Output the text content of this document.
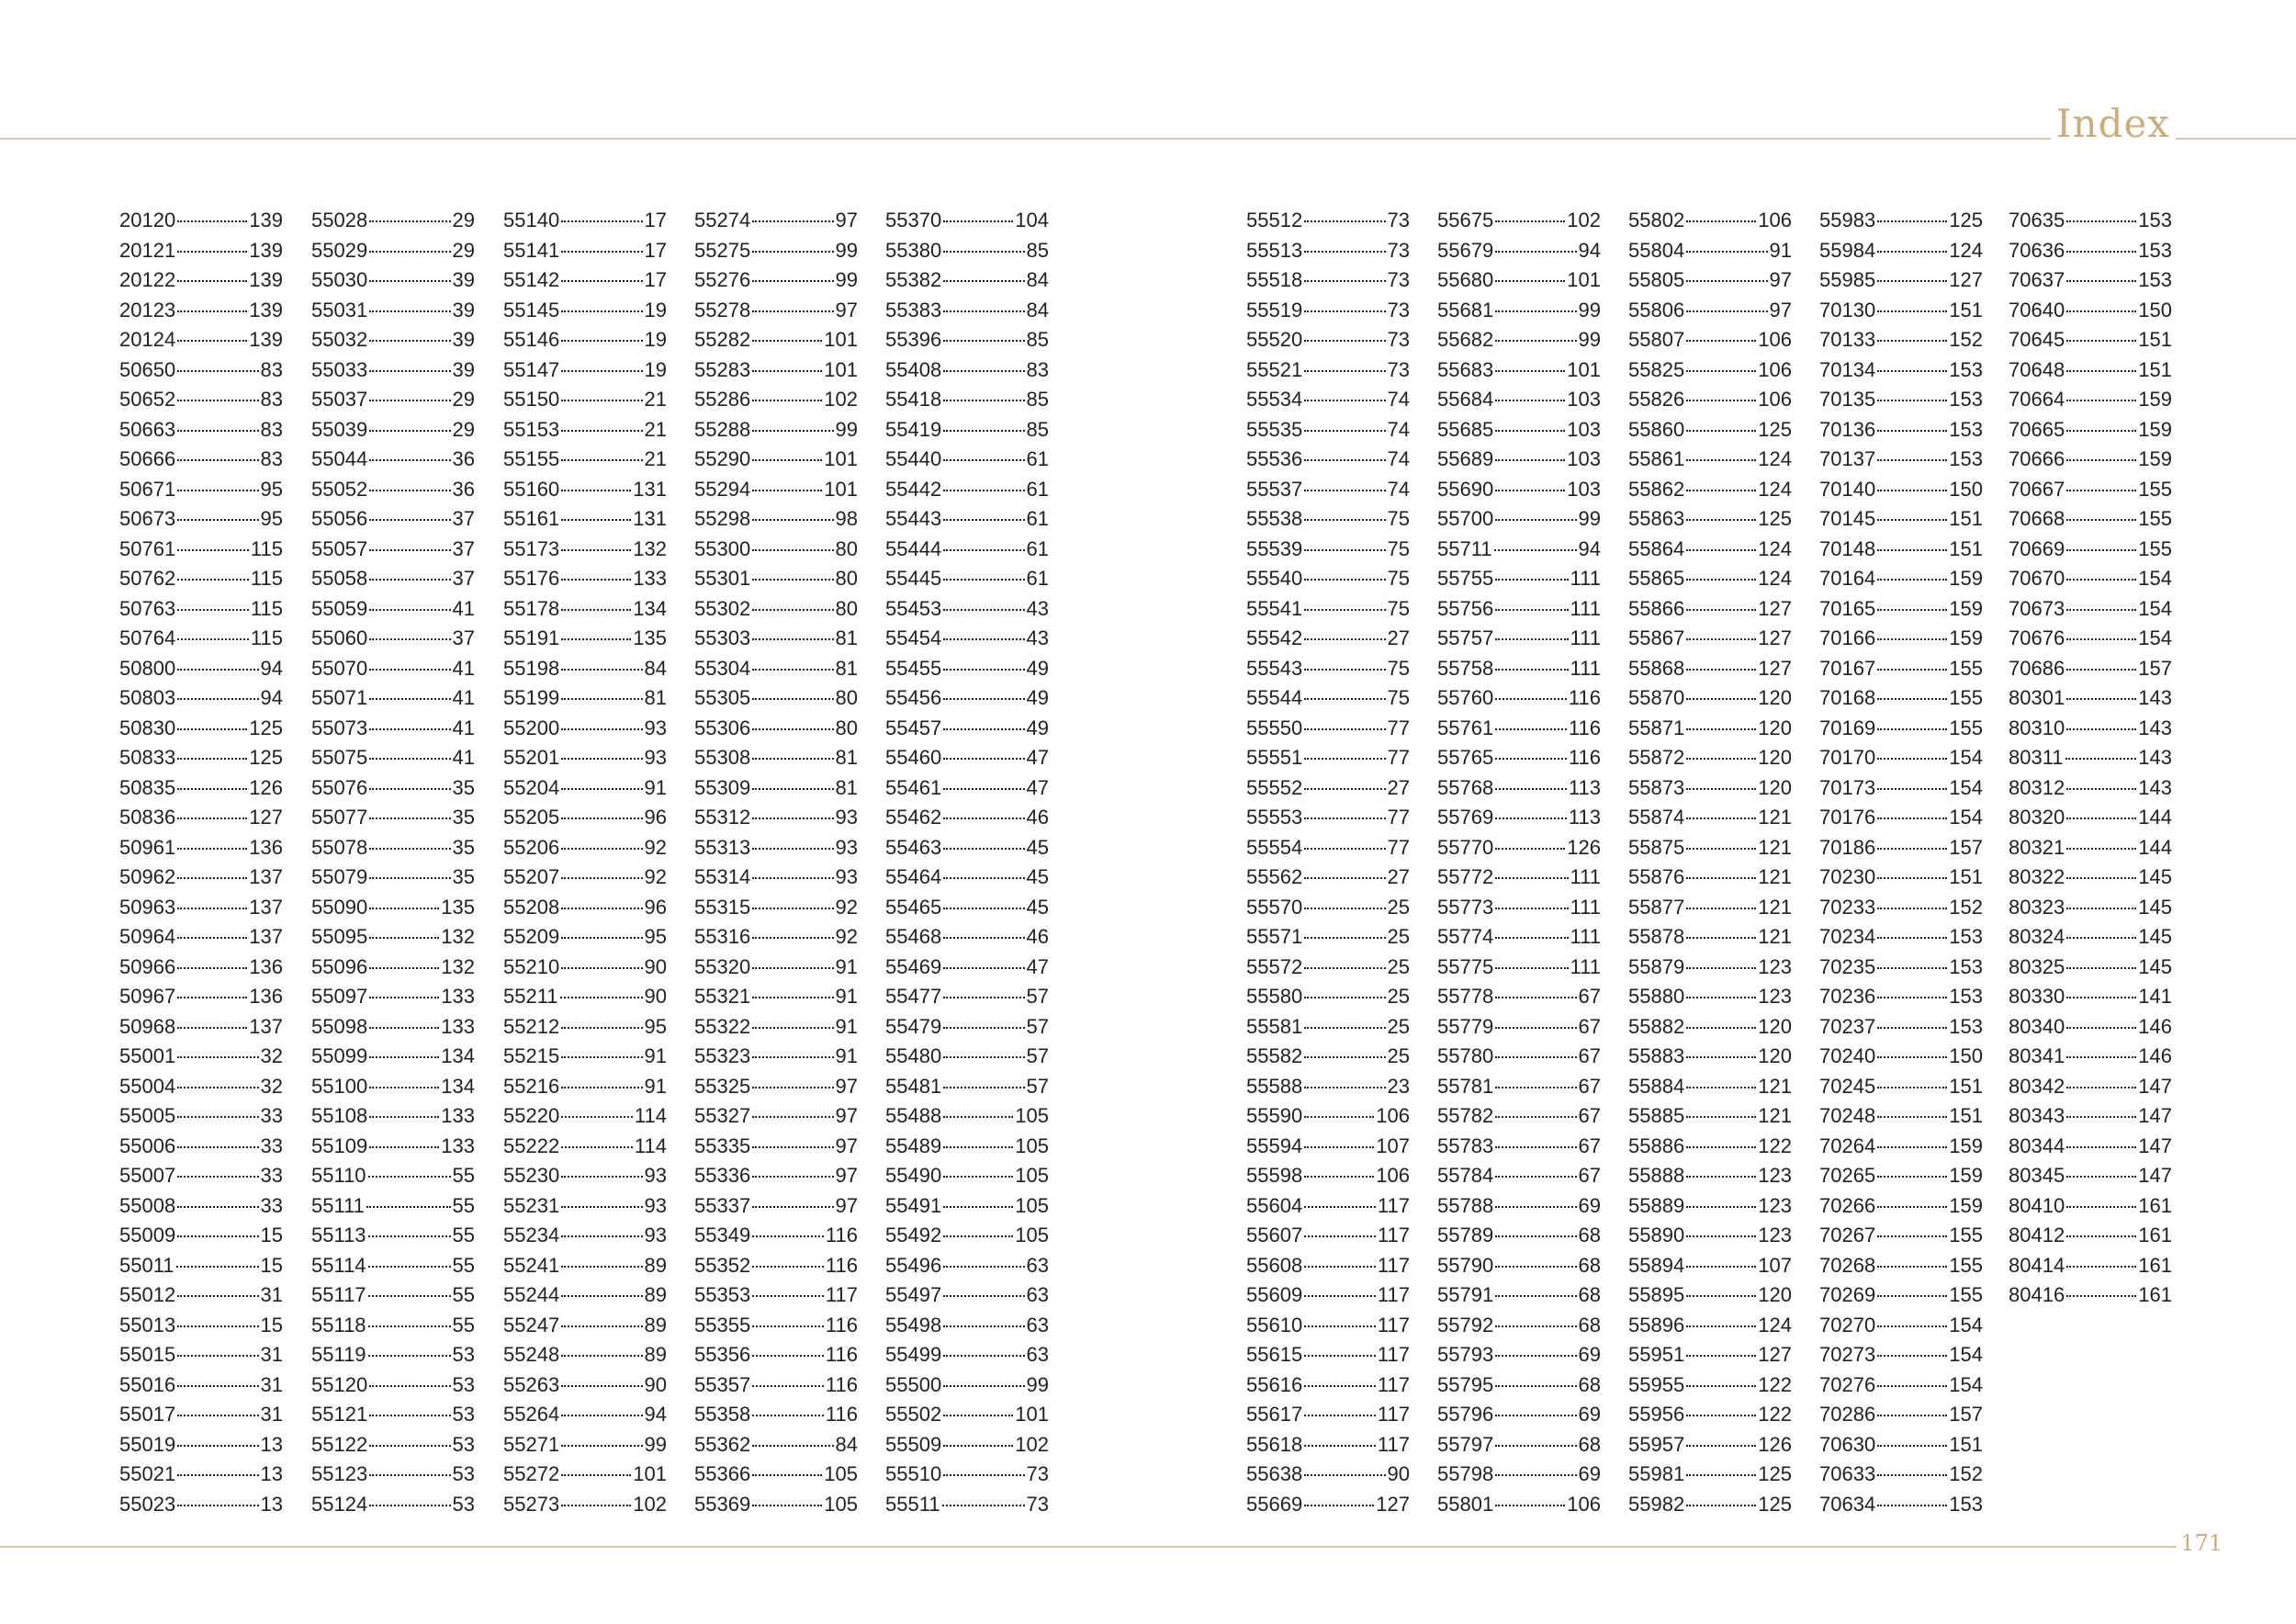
Index
20120	139
20121	139
20122	139
20123	139
20124	139
50650	83
50652	83
50663	83
50666	83
50671	95
50673	95
50761	115
50762	115
50763	115
50764	115
50800	94
50803	94
50830	125
50833	125
50835	126
50836	127
50961	136
50962	137
50963	137
50964	137
50966	136
50967	136
50968	137
55001	32
55004	32
55005	33
55006	33
55007	33
55008	33
55009	15
55011	15
55012	31
55013	15
55015	31
55016	31
55017	31
55019	13
55021	13
55023	13
55028	29
55029	29
55030	39
55031	39
55032	39
55033	39
55037	29
55039	29
55044	36
55052	36
55056	37
55057	37
55058	37
55059	41
55060	37
55070	41
55071	41
55073	41
55075	41
55076	35
55077	35
55078	35
55079	35
55090	135
55095	132
55096	132
55097	133
55098	133
55099	134
55100	134
55108	133
55109	133
55110	55
55111	55
55113	55
55114	55
55117	55
55118	55
55119	53
55120	53
55121	53
55122	53
55123	53
55124	53
55140	17
55141	17
55142	17
55145	19
55146	19
55147	19
55150	21
55153	21
55155	21
55160	131
55161	131
55173	132
55176	133
55178	134
55191	135
55198	84
55199	81
55200	93
55201	93
55204	91
55205	96
55206	92
55207	92
55208	96
55209	95
55210	90
55211	90
55212	95
55215	91
55216	91
55220	114
55222	114
55230	93
55231	93
55234	93
55241	89
55244	89
55247	89
55248	89
55263	90
55264	94
55271	99
55272	101
55273	102
55274	97
55275	99
55276	99
55278	97
55282	101
55283	101
55286	102
55288	99
55290	101
55294	101
55298	98
55300	80
55301	80
55302	80
55303	81
55304	81
55305	80
55306	80
55308	81
55309	81
55312	93
55313	93
55314	93
55315	92
55316	92
55320	91
55321	91
55322	91
55323	91
55325	97
55327	97
55335	97
55336	97
55337	97
55349	116
55352	116
55353	117
55355	116
55356	116
55357	116
55358	116
55362	84
55366	105
55369	105
55370	104
55380	85
55382	84
55383	84
55396	85
55408	83
55418	85
55419	85
55440	61
55442	61
55443	61
55444	61
55445	61
55453	43
55454	43
55455	49
55456	49
55457	49
55460	47
55461	47
55462	46
55463	45
55464	45
55465	45
55468	46
55469	47
55477	57
55479	57
55480	57
55481	57
55488	105
55489	105
55490	105
55491	105
55492	105
55496	63
55497	63
55498	63
55499	63
55500	99
55502	101
55509	102
55510	73
55511	73
55512	73
55513	73
55518	73
55519	73
55520	73
55521	73
55534	74
55535	74
55536	74
55537	74
55538	75
55539	75
55540	75
55541	75
55542	27
55543	75
55544	75
55550	77
55551	77
55552	27
55553	77
55554	77
55562	27
55570	25
55571	25
55572	25
55580	25
55581	25
55582	25
55588	23
55590	106
55594	107
55598	106
55604	117
55607	117
55608	117
55609	117
55610	117
55615	117
55616	117
55617	117
55618	117
55638	90
55669	127
55675	102
55679	94
55680	101
55681	99
55682	99
55683	101
55684	103
55685	103
55689	103
55690	103
55700	99
55711	94
55755	111
55756	111
55757	111
55758	111
55760	116
55761	116
55765	116
55768	113
55769	113
55770	126
55772	111
55773	111
55774	111
55775	111
55778	67
55779	67
55780	67
55781	67
55782	67
55783	67
55784	67
55788	69
55789	68
55790	68
55791	68
55792	68
55793	69
55795	68
55796	69
55797	68
55798	69
55801	106
55802	106
55804	91
55805	97
55806	97
55807	106
55825	106
55826	106
55860	125
55861	124
55862	124
55863	125
55864	124
55865	124
55866	127
55867	127
55868	127
55870	120
55871	120
55872	120
55873	120
55874	121
55875	121
55876	121
55877	121
55878	121
55879	123
55880	123
55882	120
55883	120
55884	121
55885	121
55886	122
55888	123
55889	123
55890	123
55894	107
55895	120
55896	124
55951	127
55955	122
55956	122
55957	126
55981	125
55982	125
55983	125
55984	124
55985	127
70130	151
70133	152
70134	153
70135	153
70136	153
70137	153
70140	150
70145	151
70148	151
70164	159
70165	159
70166	159
70167	155
70168	155
70169	155
70170	154
70173	154
70176	154
70186	157
70230	151
70233	152
70234	153
70235	153
70236	153
70237	153
70240	150
70245	151
70248	151
70264	159
70265	159
70266	159
70267	155
70268	155
70269	155
70270	154
70273	154
70276	154
70286	157
70630	151
70633	152
70634	153
70635	153
70636	153
70637	153
70640	150
70645	151
70648	151
70664	159
70665	159
70666	159
70667	155
70668	155
70669	155
70670	154
70673	154
70676	154
70686	157
80301	143
80310	143
80311	143
80312	143
80320	144
80321	144
80322	145
80323	145
80324	145
80325	145
80330	141
80340	146
80341	146
80342	147
80343	147
80344	147
80345	147
80410	161
80412	161
80414	161
80416	161
171
